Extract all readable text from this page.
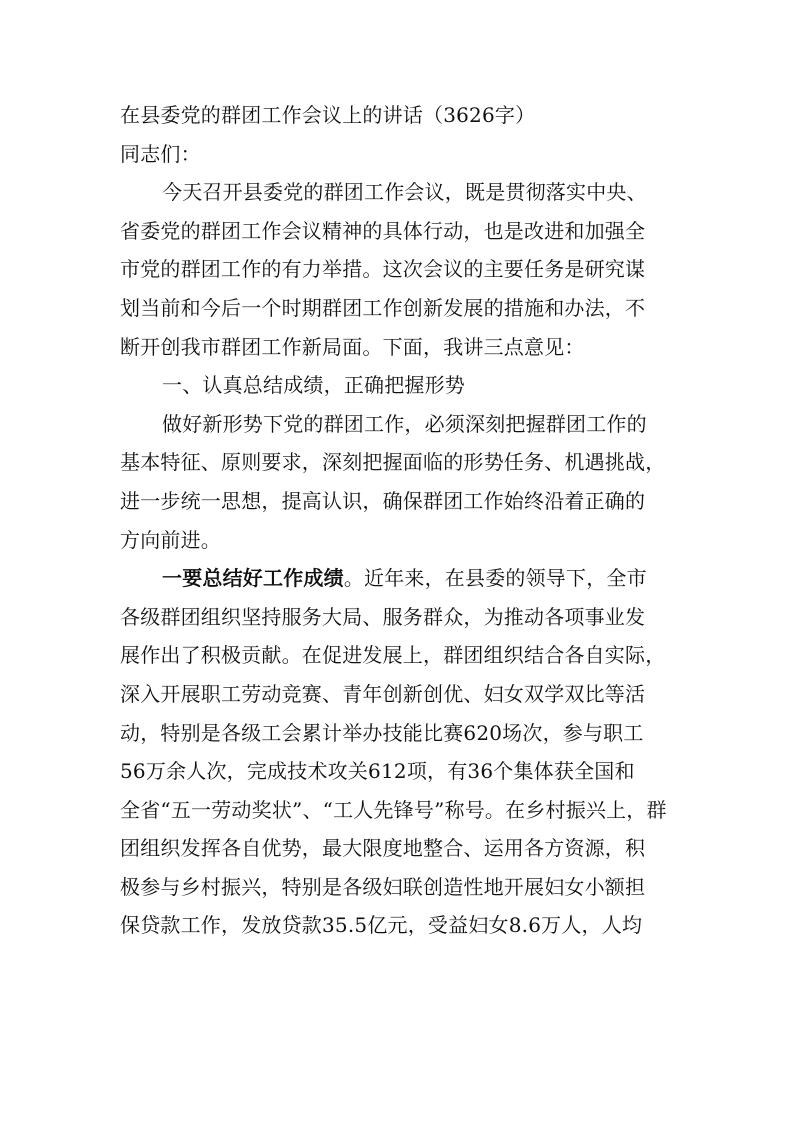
在县委党的群团工作会议上的讲话（3626字）
同志们：
今天召开县委党的群团工作会议，既是贯彻落实中央、
省委党的群团工作会议精神的具体行动，也是改进和加强全
市党的群团工作的有力举措。这次会议的主要任务是研究谋
划当前和今后一个时期群团工作创新发展的措施和办法，不
断开创我市群团工作新局面。下面，我讲三点意见：
一、认真总结成绩，正确把握形势
做好新形势下党的群团工作，必须深刻把握群团工作的
基本特征、原则要求，深刻把握面临的形势任务、机遇挑战，
进一步统一思想，提高认识，确保群团工作始终沿着正确的
方向前进。
一要总结好工作成绩。近年来，在县委的领导下，全市
各级群团组织坚持服务大局、服务群众，为推动各项事业发
展作出了积极贡献。在促进发展上，群团组织结合各自实际，
深入开展职工劳动竞赛、青年创新创优、妇女双学双比等活
动，特别是各级工会累计举办技能比赛620场次，参与职工
56万余人次，完成技术攻关612项，有36个集体获全国和
全省“五一劳动奖状”、“工人先锋号”称号。在乡村振兴上，群
团组织发挥各自优势，最大限度地整合、运用各方资源，积
极参与乡村振兴，特别是各级妇联创造性地开展妇女小额担
保贷款工作，发放贷款35.5亿元，受益妇女8.6万人，人均
